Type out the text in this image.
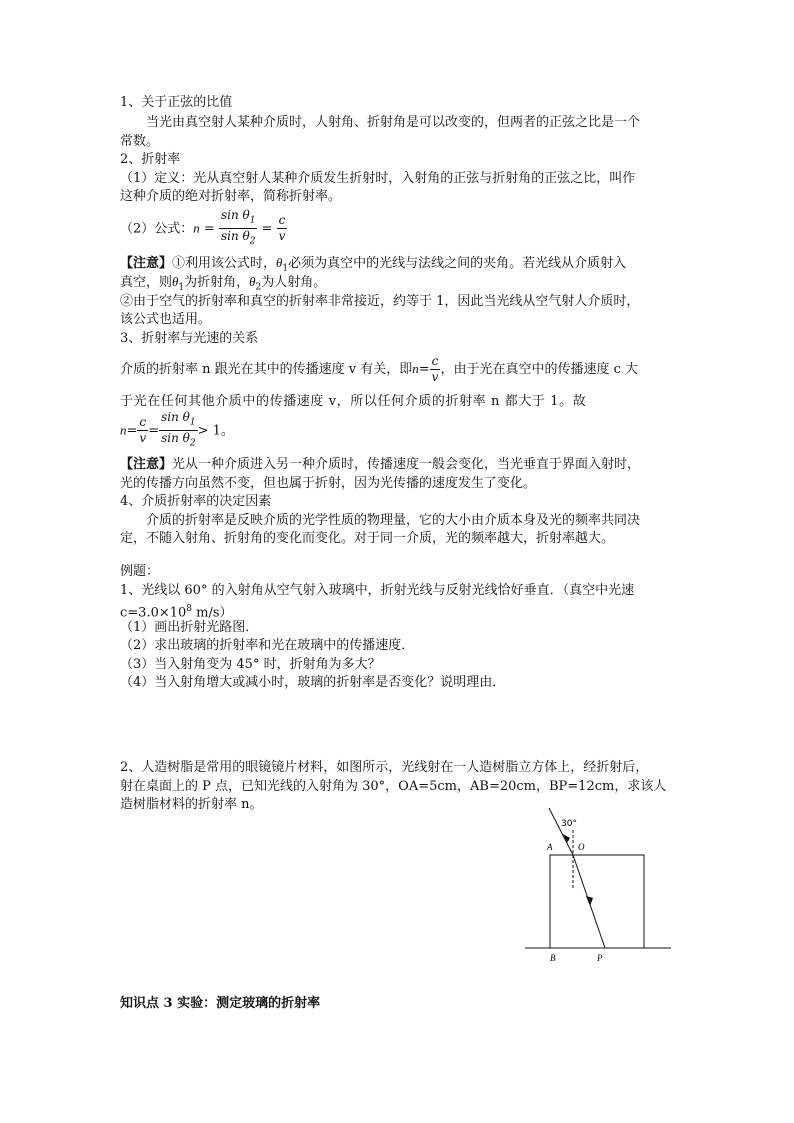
1、关于正弦的比值
当光由真空射人某种介质时，人射角、折射角是可以改变的，但两者的正弦之比是一个
常数。
2、折射率
（1）定义：光从真空射人某种介质发生折射时，入射角的正弦与折射角的正弦之比，叫作
这种介质的绝对折射率，简称折射率。
（2）公式：$n = \frac{\sin \theta_1}{\sin \theta_2} = \frac{c}{v}$
【注意】①利用该公式时，$\theta_1$必须为真空中的光线与法线之间的夹角。若光线从介质射入
真空，则$\theta_1$为折射角，$\theta_2$为人射角。
②由于空气的折射率和真空的折射率非常接近，约等于 1，因此当光线从空气射人介质时，
该公式也适用。
3、折射率与光速的关系
介质的折射率 n 跟光在其中的传播速度 v 有关，即$n= \frac{c}{v}$ ，由于光在真空中的传播速度 c 大
于光在任何其他介质中的传播速度 v，所以任何介质的折射率 n 都大于 1。故
$n= \frac{c}{v} = \frac{\sin \theta_1}{\sin \theta_2} > 1$。
【注意】光从一种介质进入另一种介质时，传播速度一般会变化，当光垂直于界面入射时，
光的传播方向虽然不变，但也属于折射，因为光传播的速度发生了变化。
4、介质折射率的决定因素
介质的折射率是反映介质的光学性质的物理量，它的大小由介质本身及光的频率共同决
定，不随入射角、折射角的变化而变化。对于同一介质，光的频率越大，折射率越大。
例题：
1、光线以 60° 的入射角从空气射入玻璃中，折射光线与反射光线恰好垂直．（真空中光速
$c=3.0\times 10^8$ m/s）
（1）画出折射光路图．
（2）求出玻璃的折射率和光在玻璃中的传播速度．
（3）当入射角变为 45° 时，折射角为多大？
（4）当入射角增大或减小时，玻璃的折射率是否变化？说明理由．
2、人造树脂是常用的眼镜镜片材料，如图所示，光线射在一人造树脂立方体上，经折射后，
射在桌面上的 P 点，已知光线的入射角为 30°，OA=5cm，AB=20cm，BP=12cm，求该人
造树脂材料的折射率 n。
30°
A	O
B	P
知识点 3 实验：测定玻璃的折射率
